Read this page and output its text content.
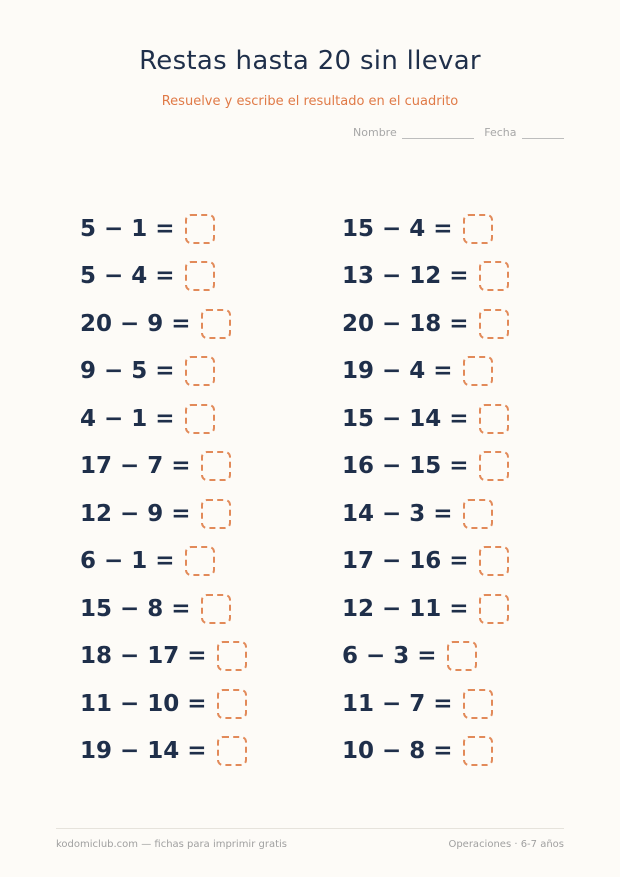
Restas hasta 20 sin llevar
Resuelve y escribe el resultado en el cuadrito
Nombre	Fecha
5 − 1 =
5 − 4 =
20 − 9 =
9 − 5 =
4 − 1 =
17 − 7 =
12 − 9 =
6 − 1 =
15 − 8 =
18 − 17 =
11 − 10 =
19 − 14 =
15 − 4 =
13 − 12 =
20 − 18 =
19 − 4 =
15 − 14 =
16 − 15 =
14 − 3 =
17 − 16 =
12 − 11 =
6 − 3 =
11 − 7 =
10 − 8 =
kodomiclub.com — fichas para imprimir gratis	Operaciones · 6-7 años
